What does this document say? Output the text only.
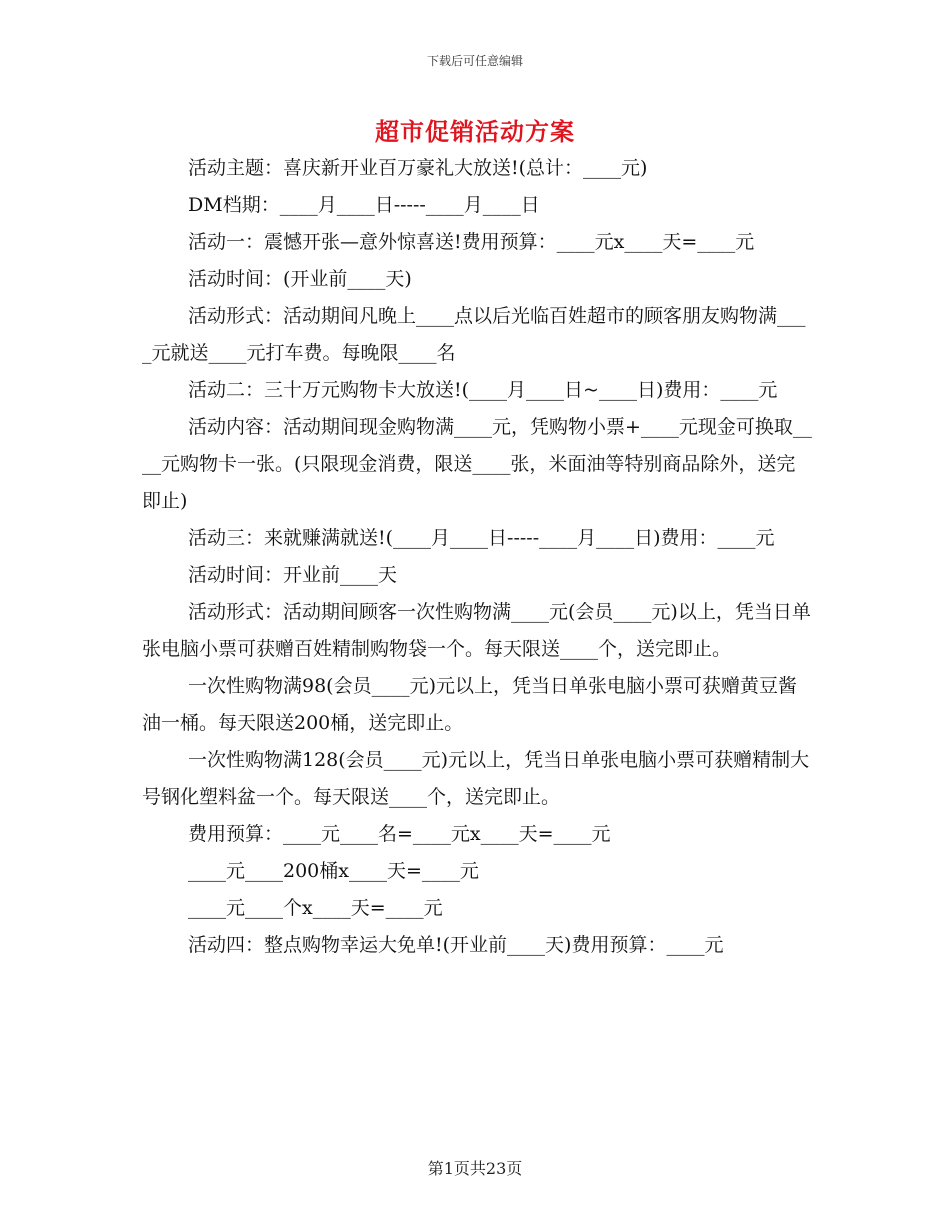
下载后可任意编辑
超市促销活动方案

活动主题：喜庆新开业百万豪礼大放送!(总计：____元)

DM档期：____月____日-----____月____日

活动一：震憾开张—意外惊喜送!费用预算：____元x____天=____元

活动时间：(开业前____天)

活动形式：活动期间凡晚上____点以后光临百姓超市的顾客朋友购物满____元就送____元打车费。每晚限____名

活动二：三十万元购物卡大放送!(____月____日~____日)费用：____元

活动内容：活动期间现金购物满____元，凭购物小票+____元现金可换取____元购物卡一张。(只限现金消费，限送____张，米面油等特别商品除外，送完即止)

活动三：来就赚满就送!(____月____日-----____月____日)费用：____元

活动时间：开业前____天

活动形式：活动期间顾客一次性购物满____元(会员____元)以上，凭当日单张电脑小票可获赠百姓精制购物袋一个。每天限送____个，送完即止。

一次性购物满98(会员____元)元以上，凭当日单张电脑小票可获赠黄豆酱油一桶。每天限送200桶，送完即止。

一次性购物满128(会员____元)元以上，凭当日单张电脑小票可获赠精制大号钢化塑料盆一个。每天限送____个，送完即止。

费用预算：____元____名=____元x____天=____元

____元____200桶x____天=____元

____元____个x____天=____元

活动四：整点购物幸运大免单!(开业前____天)费用预算：____元

第1页共23页
